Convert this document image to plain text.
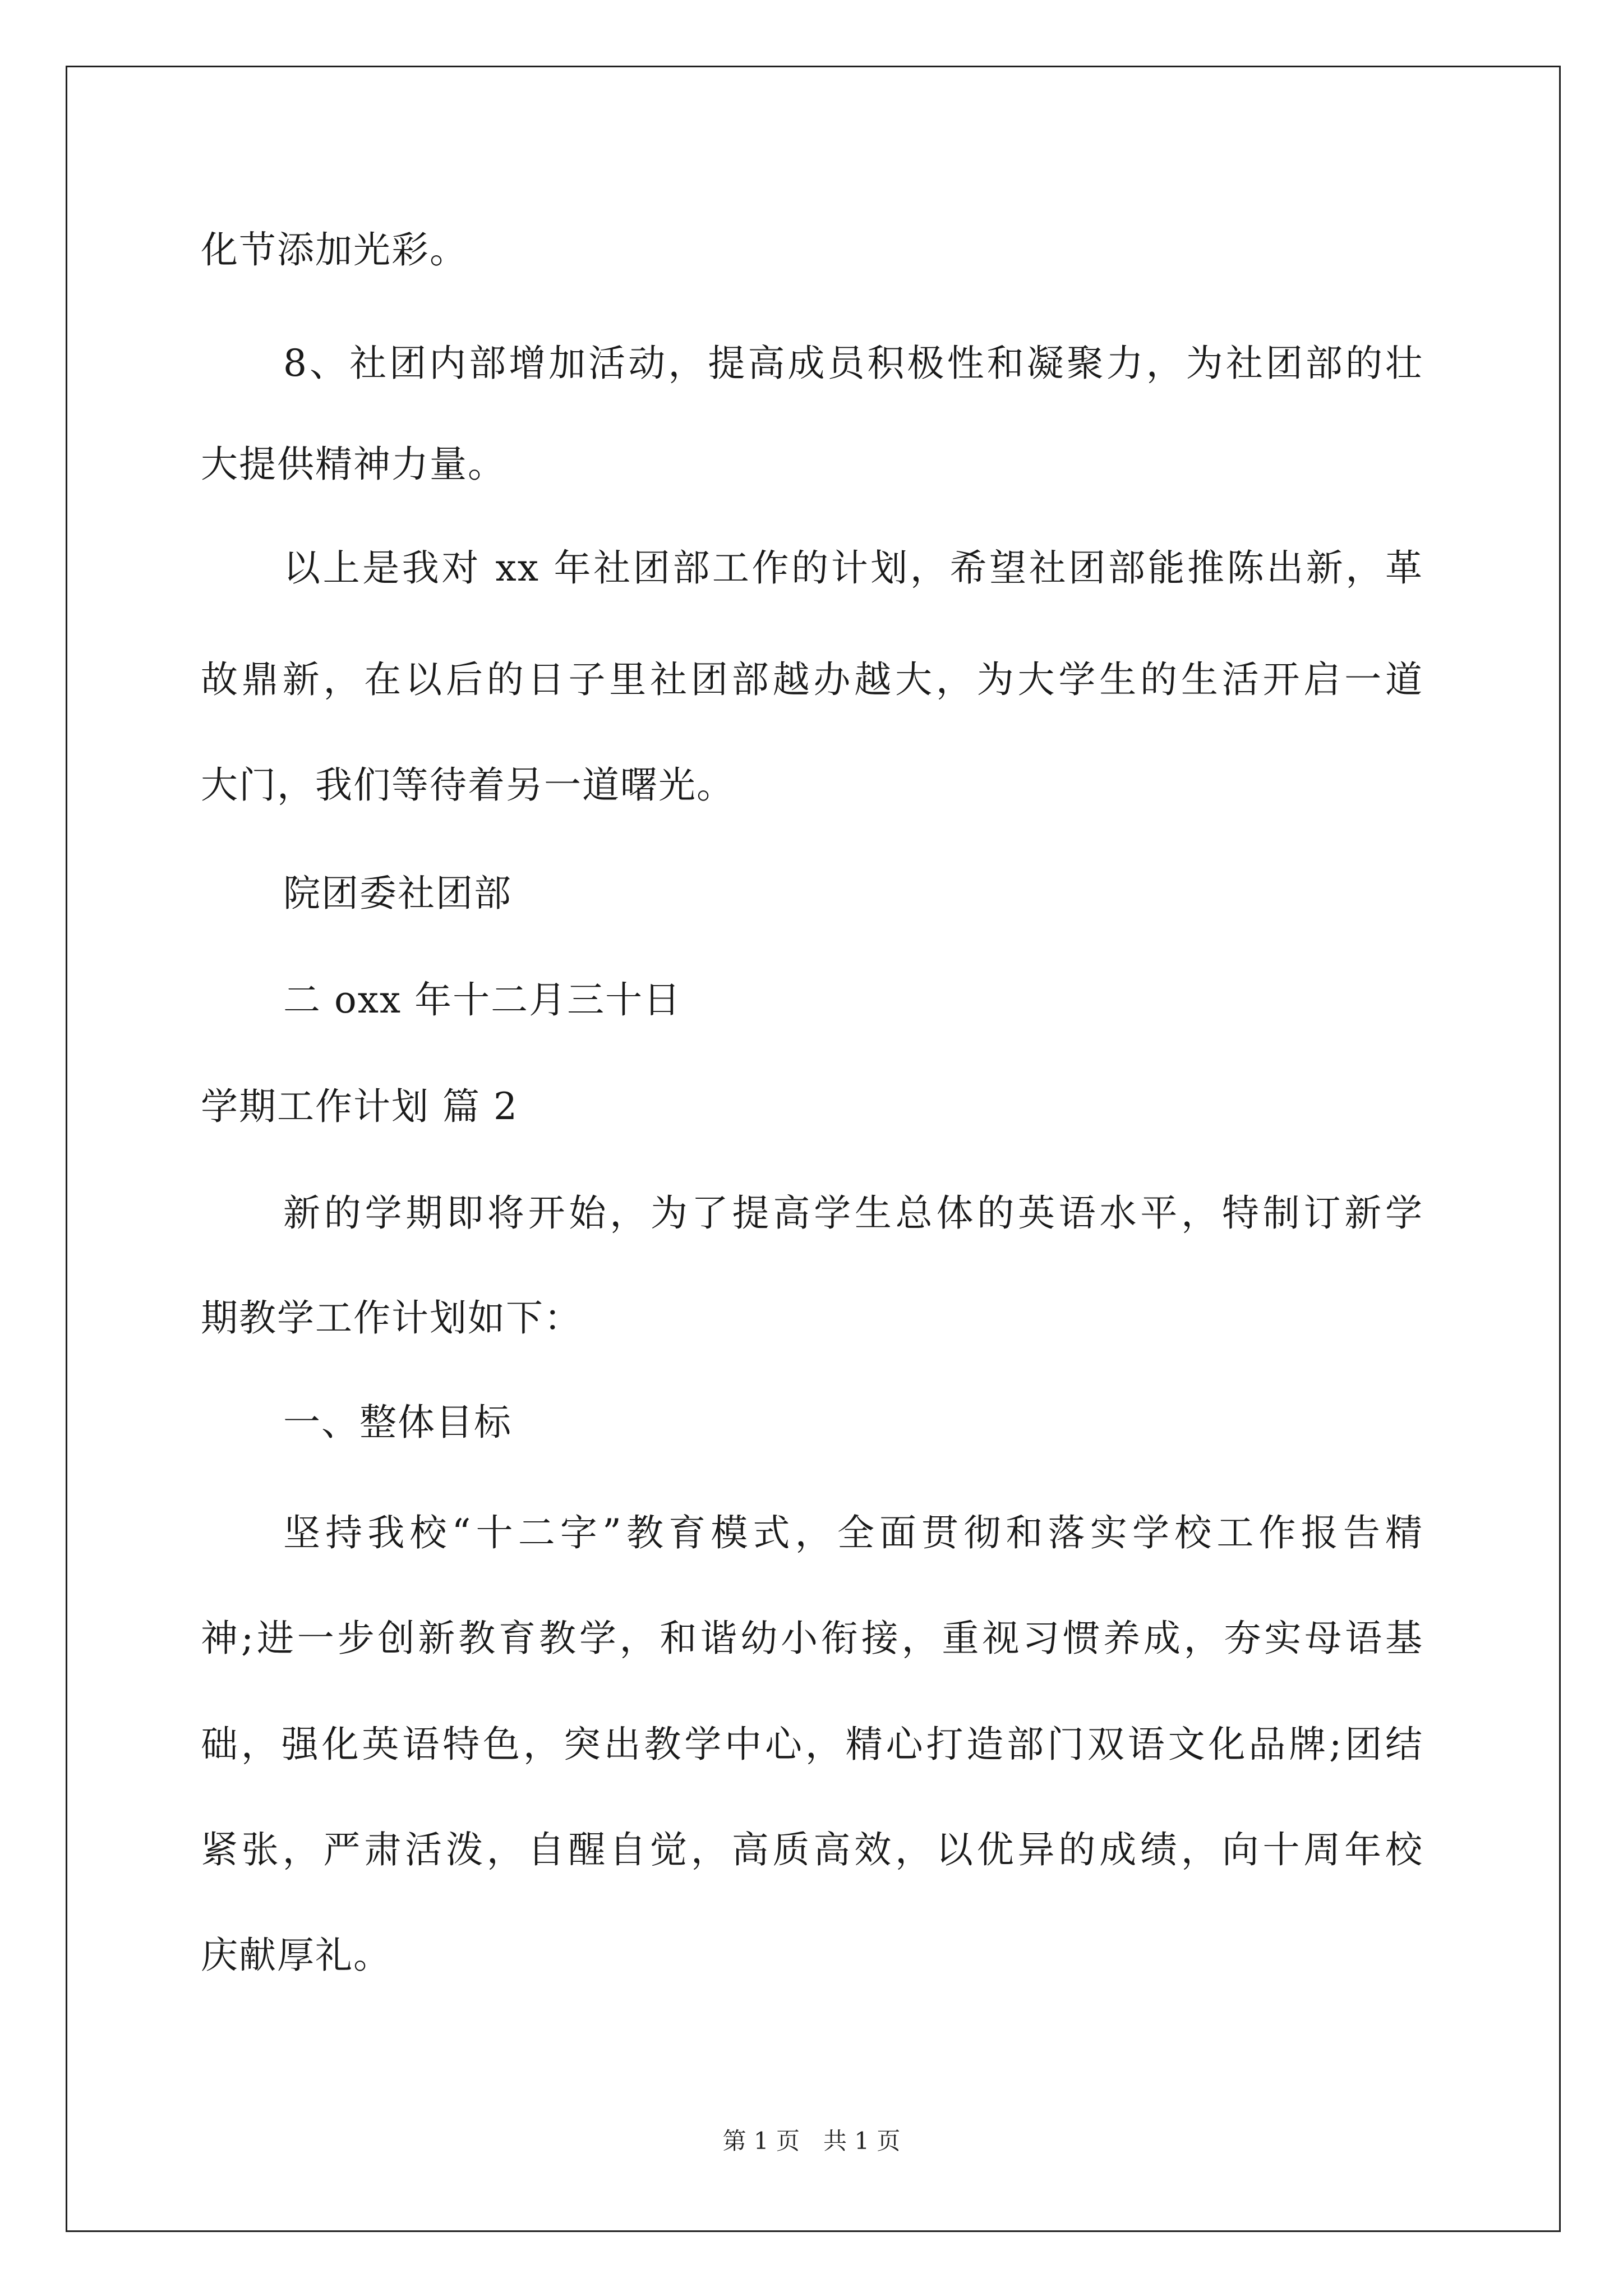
化节添加光彩。
8、社团内部增加活动，提高成员积极性和凝聚力，为社团部的壮
大提供精神力量。
以上是我对 xx 年社团部工作的计划，希望社团部能推陈出新，革
故鼎新，在以后的日子里社团部越办越大，为大学生的生活开启一道
大门，我们等待着另一道曙光。
院团委社团部
二 oxx 年十二月三十日
学期工作计划 篇 2
新的学期即将开始，为了提高学生总体的英语水平，特制订新学
期教学工作计划如下：
一、整体目标
坚持我校“十二字”教育模式，全面贯彻和落实学校工作报告精
神;进一步创新教育教学，和谐幼小衔接，重视习惯养成，夯实母语基
础，强化英语特色，突出教学中心，精心打造部门双语文化品牌;团结
紧张，严肃活泼，自醒自觉，高质高效，以优异的成绩，向十周年校
庆献厚礼。
第 1 页　共 1 页
